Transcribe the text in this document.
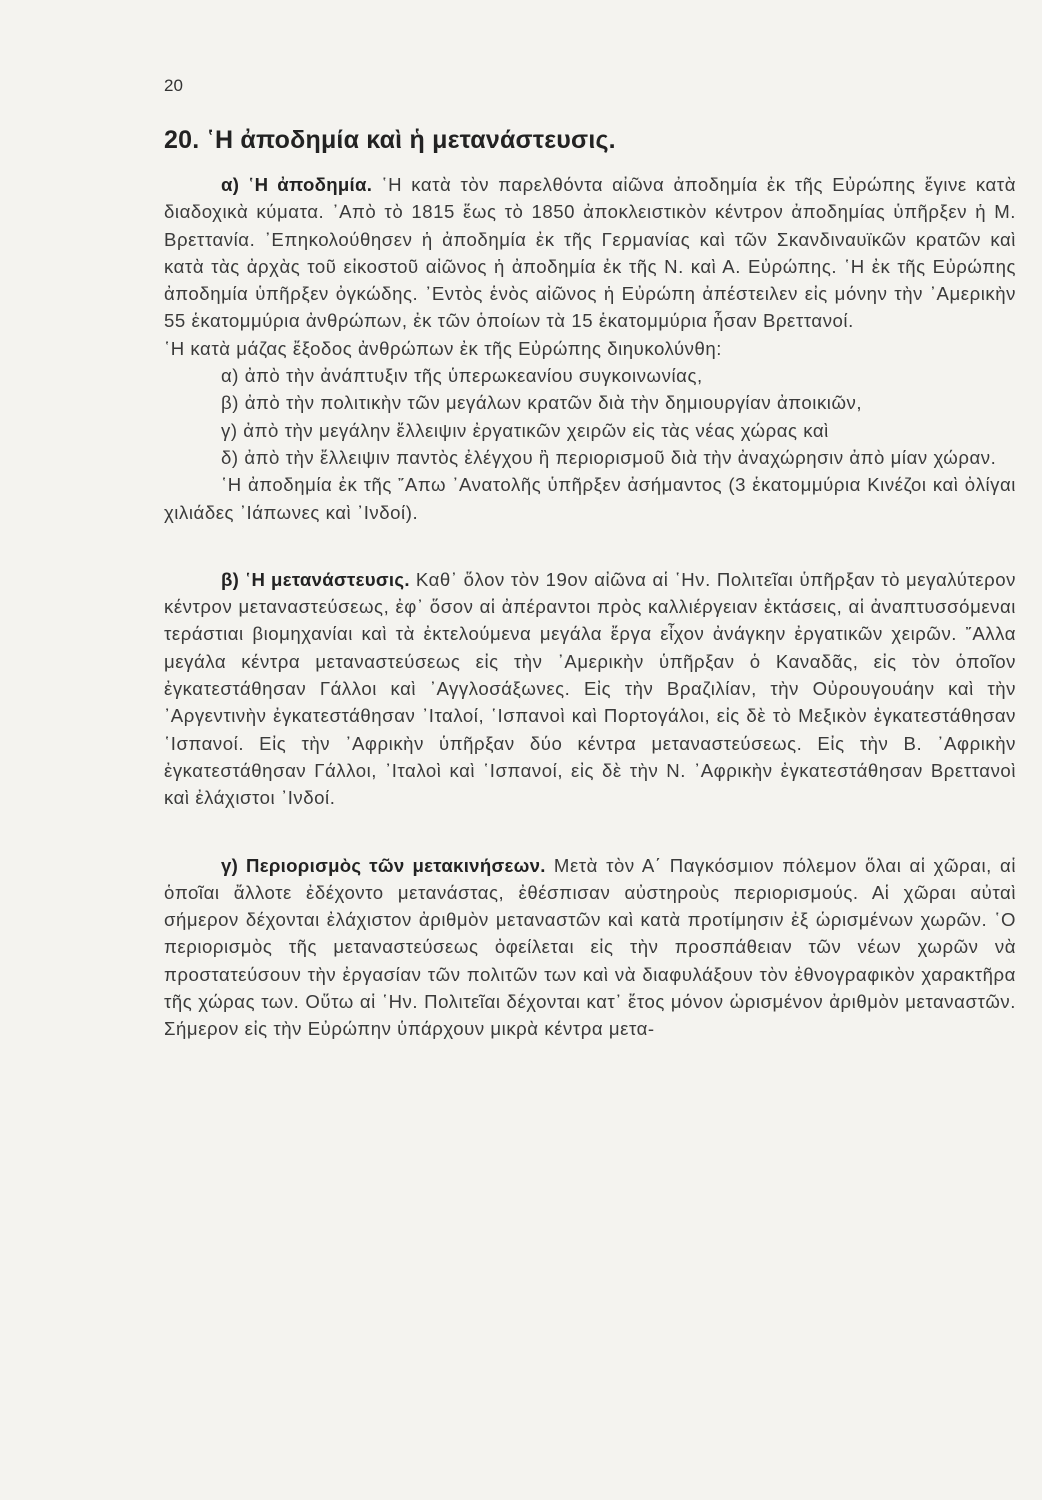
20
20. ῾Η ἀποδημία καὶ ἡ μετανάστευσις.

α) ῾Η ἀποδημία. ῾Η κατὰ τὸν παρελθόντα αἰῶνα ἀποδημία ἐκ τῆς Εὐρώπης ἔγινε κατὰ διαδοχικὰ κύματα. ᾿Απὸ τὸ 1815 ἕως τὸ 1850 ἀποκλειστικὸν κέντρον ἀποδημίας ὑπῆρξεν ἡ Μ. Βρεττανία. ᾿Επηκολούθησεν ἡ ἀποδημία ἐκ τῆς Γερμανίας καὶ τῶν Σκανδιναυϊκῶν κρατῶν καὶ κατὰ τὰς ἀρχὰς τοῦ εἰκοστοῦ αἰῶνος ἡ ἀποδημία ἐκ τῆς Ν. καὶ Α. Εὐρώπης. ῾Η ἐκ τῆς Εὐρώπης ἀποδημία ὑπῆρξεν ὀγκώδης. ᾿Εντὸς ἑνὸς αἰῶνος ἡ Εὐρώπη ἀπέστειλεν εἰς μόνην τὴν ᾿Αμερικὴν 55 ἑκατομμύρια ἀνθρώπων, ἐκ τῶν ὁποίων τὰ 15 ἑκατομμύρια ἦσαν Βρεττανοί.

῾Η κατὰ μάζας ἔξοδος ἀνθρώπων ἐκ τῆς Εὐρώπης διηυκολύνθη:

α) ἀπὸ τὴν ἀνάπτυξιν τῆς ὑπερωκεανίου συγκοινωνίας,

β) ἀπὸ τὴν πολιτικὴν τῶν μεγάλων κρατῶν διὰ τὴν δημιουργίαν ἀποικιῶν,

γ) ἀπὸ τὴν μεγάλην ἔλλειψιν ἐργατικῶν χειρῶν εἰς τὰς νέας χώρας καὶ

δ) ἀπὸ τὴν ἔλλειψιν παντὸς ἐλέγχου ἢ περιορισμοῦ διὰ τὴν ἀναχώρησιν ἀπὸ μίαν χώραν.

῾Η ἀποδημία ἐκ τῆς ῎Απω ᾿Ανατολῆς ὑπῆρξεν ἀσήμαντος (3 ἑκατομμύρια Κινέζοι καὶ ὀλίγαι χιλιάδες ᾿Ιάπωνες καὶ ᾿Ινδοί).

β) ῾Η μετανάστευσις. Καθ᾿ ὅλον τὸν 19ον αἰῶνα αἱ ῾Ην. Πολιτεῖαι ὑπῆρξαν τὸ μεγαλύτερον κέντρον μεταναστεύσεως, ἐφ᾿ ὅσον αἱ ἀπέραντοι πρὸς καλλιέργειαν ἐκτάσεις, αἱ ἀναπτυσσόμεναι τεράστιαι βιομηχανίαι καὶ τὰ ἐκτελούμενα μεγάλα ἔργα εἶχον ἀνάγκην ἐργατικῶν χειρῶν. ῎Αλλα μεγάλα κέντρα μεταναστεύσεως εἰς τὴν ᾿Αμερικὴν ὑπῆρξαν ὁ Καναδᾶς, εἰς τὸν ὁποῖον ἐγκατεστάθησαν Γάλλοι καὶ ᾿Αγγλοσάξωνες. Εἰς τὴν Βραζιλίαν, τὴν Οὐρουγουάην καὶ τὴν ᾿Αργεντινὴν ἐγκατεστάθησαν ᾿Ιταλοί, ῾Ισπανοὶ καὶ Πορτογάλοι, εἰς δὲ τὸ Μεξικὸν ἐγκατεστάθησαν ῾Ισπανοί. Εἰς τὴν ᾿Αφρικὴν ὑπῆρξαν δύο κέντρα μεταναστεύσεως. Εἰς τὴν Β. ᾿Αφρικὴν ἐγκατεστάθησαν Γάλλοι, ᾿Ιταλοὶ καὶ ῾Ισπανοί, εἰς δὲ τὴν Ν. ᾿Αφρικὴν ἐγκατεστάθησαν Βρεττανοὶ καὶ ἐλάχιστοι ᾿Ινδοί.

γ) Περιορισμὸς τῶν μετακινήσεων. Μετὰ τὸν Α΄ Παγκόσμιον πόλεμον ὅλαι αἱ χῶραι, αἱ ὁποῖαι ἄλλοτε ἐδέχοντο μετανάστας, ἐθέσπισαν αὐστηροὺς περιορισμούς. Αἱ χῶραι αὐταὶ σήμερον δέχονται ἐλάχιστον ἀριθμὸν μεταναστῶν καὶ κατὰ προτίμησιν ἐξ ὡρισμένων χωρῶν. ῾Ο περιορισμὸς τῆς μεταναστεύσεως ὀφείλεται εἰς τὴν προσπάθειαν τῶν νέων χωρῶν νὰ προστατεύσουν τὴν ἐργασίαν τῶν πολιτῶν των καὶ νὰ διαφυλάξουν τὸν ἐθνογραφικὸν χαρακτῆρα τῆς χώρας των. Οὕτω αἱ ῾Ην. Πολιτεῖαι δέχονται κατ᾿ ἔτος μόνον ὡρισμένον ἀριθμὸν μεταναστῶν. Σήμερον εἰς τὴν Εὐρώπην ὑπάρχουν μικρὰ κέντρα μετα-
